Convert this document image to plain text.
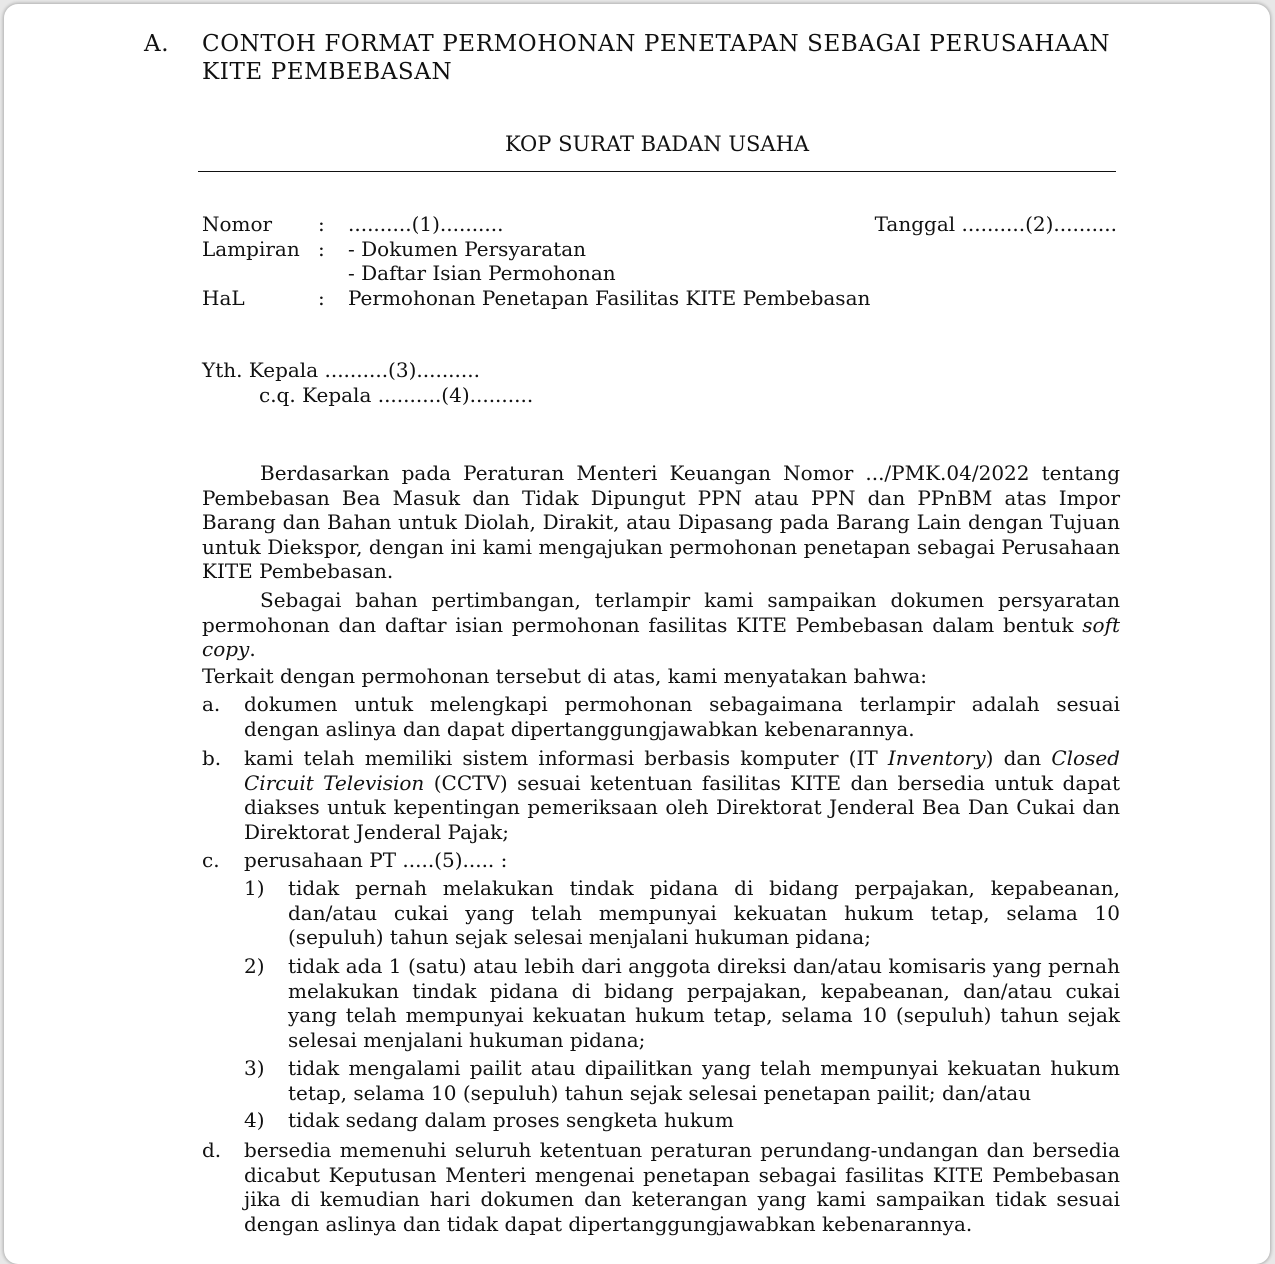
A. CONTOH FORMAT PERMOHONAN PENETAPAN SEBAGAI PERUSAHAAN
KITE PEMBEBASAN
KOP SURAT BADAN USAHA
Nomor : ..........(1)..........	Tanggal ..........(2)..........
Lampiran : - Dokumen Persyaratan
- Daftar Isian Permohonan
HaL	: Permohonan Penetapan Fasilitas KITE Pembebasan
Yth. Kepala ..........(3)..........
c.q. Kepala ..........(4)..........
Berdasarkan pada Peraturan Menteri Keuangan Nomor .../PMK.04/2022 tentang Pembebasan Bea Masuk dan Tidak Dipungut PPN atau PPN dan PPnBM atas Impor Barang dan Bahan untuk Diolah, Dirakit, atau Dipasang pada Barang Lain dengan Tujuan untuk Diekspor, dengan ini kami mengajukan permohonan penetapan sebagai Perusahaan KITE Pembebasan.
Sebagai bahan pertimbangan, terlampir kami sampaikan dokumen persyaratan permohonan dan daftar isian permohonan fasilitas KITE Pembebasan dalam bentuk soft copy.
Terkait dengan permohonan tersebut di atas, kami menyatakan bahwa:
a. dokumen untuk melengkapi permohonan sebagaimana terlampir adalah sesuai dengan aslinya dan dapat dipertanggungjawabkan kebenarannya.
b. kami telah memiliki sistem informasi berbasis komputer (IT Inventory) dan Closed Circuit Television (CCTV) sesuai ketentuan fasilitas KITE dan bersedia untuk dapat diakses untuk kepentingan pemeriksaan oleh Direktorat Jenderal Bea Dan Cukai dan Direktorat Jenderal Pajak;
c. perusahaan PT .....(5)..... :
1) tidak pernah melakukan tindak pidana di bidang perpajakan, kepabeanan, dan/atau cukai yang telah mempunyai kekuatan hukum tetap, selama 10 (sepuluh) tahun sejak selesai menjalani hukuman pidana;
2) tidak ada 1 (satu) atau lebih dari anggota direksi dan/atau komisaris yang pernah melakukan tindak pidana di bidang perpajakan, kepabeanan, dan/atau cukai yang telah mempunyai kekuatan hukum tetap, selama 10 (sepuluh) tahun sejak selesai menjalani hukuman pidana;
3) tidak mengalami pailit atau dipailitkan yang telah mempunyai kekuatan hukum tetap, selama 10 (sepuluh) tahun sejak selesai penetapan pailit; dan/atau
4) tidak sedang dalam proses sengketa hukum
d. bersedia memenuhi seluruh ketentuan peraturan perundang-undangan dan bersedia dicabut Keputusan Menteri mengenai penetapan sebagai fasilitas KITE Pembebasan jika di kemudian hari dokumen dan keterangan yang kami sampaikan tidak sesuai dengan aslinya dan tidak dapat dipertanggungjawabkan kebenarannya.
